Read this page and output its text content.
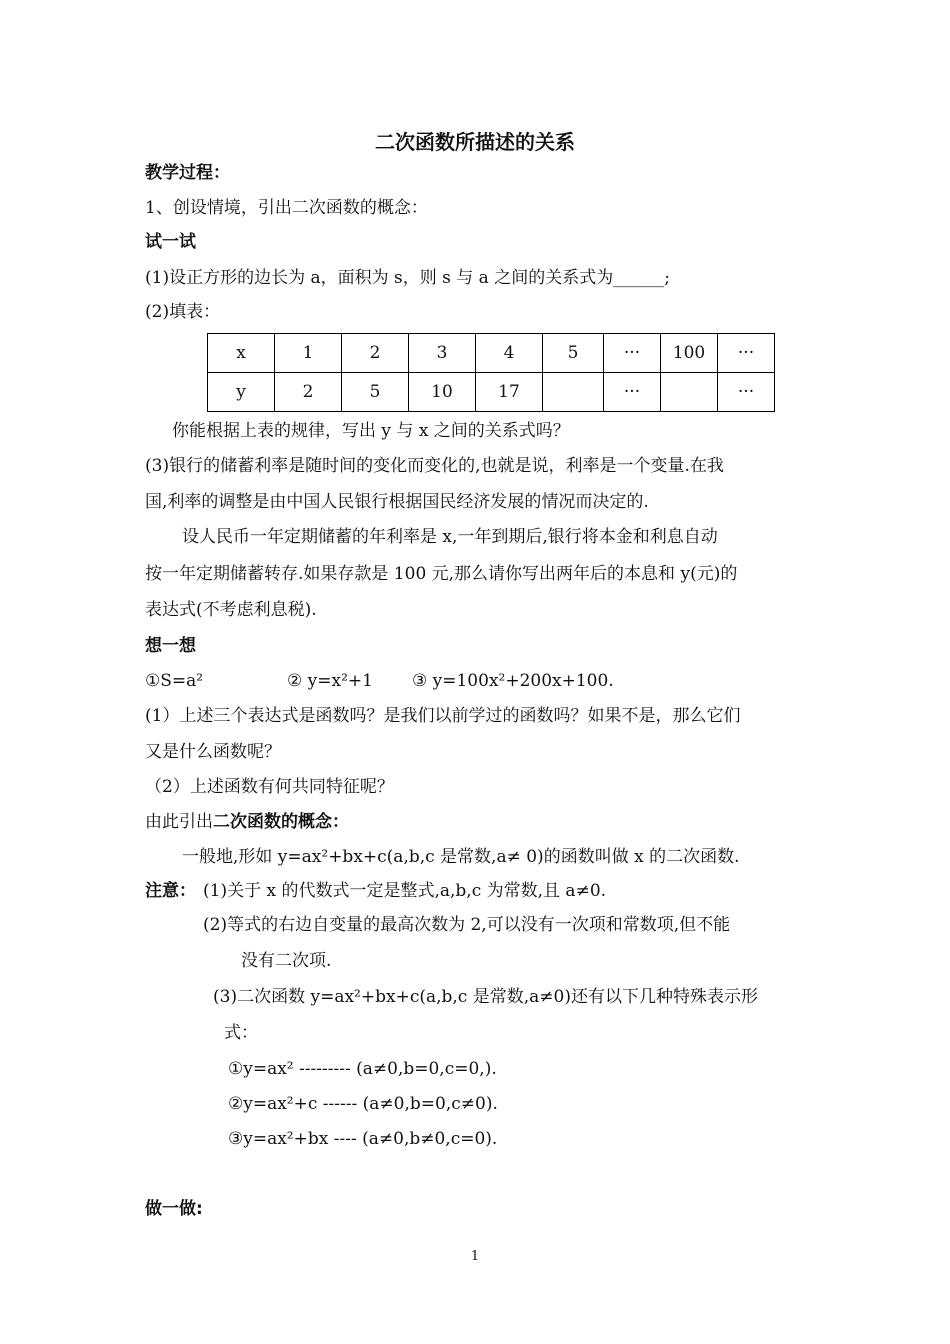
二次函数所描述的关系
教学过程：
1、创设情境，引出二次函数的概念：
试一试
(1)设正方形的边长为 a，面积为 s，则 s 与 a 之间的关系式为______;
(2)填表：
x	1	2	3	4	5	···	100	···
y	2	5	10	17		···		···
你能根据上表的规律，写出 y 与 x 之间的关系式吗？
(3)银行的储蓄利率是随时间的变化而变化的,也就是说，利率是一个变量.在我
国,利率的调整是由中国人民银行根据国民经济发展的情况而决定的.
设人民币一年定期储蓄的年利率是 x,一年到期后,银行将本金和利息自动
按一年定期储蓄转存.如果存款是 100 元,那么请你写出两年后的本息和 y(元)的
表达式(不考虑利息税).
想一想
①S=a²	② y=x²+1 ③ y=100x²+200x+100.
(1）上述三个表达式是函数吗？是我们以前学过的函数吗？如果不是，那么它们
又是什么函数呢？
（2）上述函数有何共同特征呢？
由此引出二次函数的概念：
一般地,形如 y=ax²+bx+c(a,b,c 是常数,a≠ 0)的函数叫做 x 的二次函数.
注意： (1)关于 x 的代数式一定是整式,a,b,c 为常数,且 a≠0.
(2)等式的右边自变量的最高次数为 2,可以没有一次项和常数项,但不能
没有二次项.
(3)二次函数 y=ax²+bx+c(a,b,c 是常数,a≠0)还有以下几种特殊表示形
式：
①y=ax² --------- (a≠0,b=0,c=0,).
②y=ax²+c ------ (a≠0,b=0,c≠0).
③y=ax²+bx ---- (a≠0,b≠0,c=0).
做一做:
1
